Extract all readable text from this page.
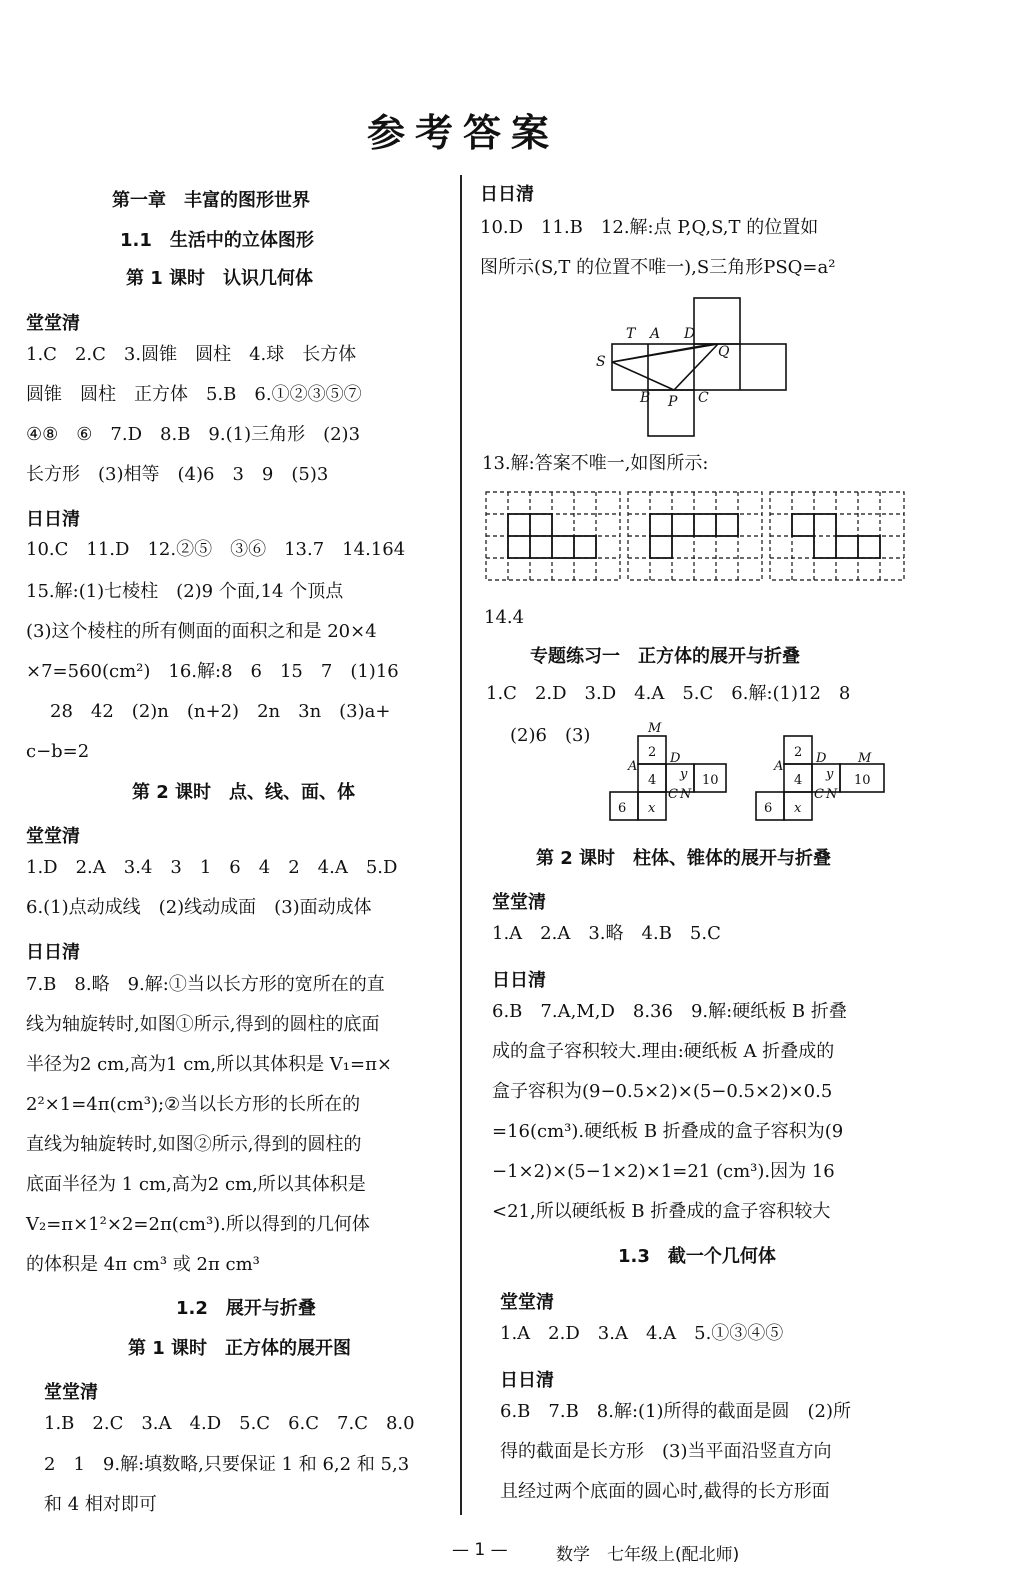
参考答案
第一章　丰富的图形世界
1.1　生活中的立体图形
第 1 课时　认识几何体
堂堂清
1.C　2.C　3.圆锥　圆柱　4.球　长方体
圆锥　圆柱　正方体　5.B　6.①②③⑤⑦
④⑧　⑥　7.D　8.B　9.(1)三角形　(2)3
长方形　(3)相等　(4)6　3　9　(5)3
日日清
10.C　11.D　12.②⑤　③⑥　13.7　14.164
15.解:(1)七棱柱　(2)9 个面,14 个顶点
(3)这个棱柱的所有侧面的面积之和是 20×4
×7=560(cm²)　16.解:8　6　15　7　(1)16
28　42　(2)n　(n+2)　2n　3n　(3)a+
c−b=2
第 2 课时　点、线、面、体
堂堂清
1.D　2.A　3.4　3　1　6　4　2　4.A　5.D
6.(1)点动成线　(2)线动成面　(3)面动成体
日日清
7.B　8.略　9.解:①当以长方形的宽所在的直
线为轴旋转时,如图①所示,得到的圆柱的底面
半径为2 cm,高为1 cm,所以其体积是 V₁=π×
2²×1=4π(cm³);②当以长方形的长所在的
直线为轴旋转时,如图②所示,得到的圆柱的
底面半径为 1 cm,高为2 cm,所以其体积是
V₂=π×1²×2=2π(cm³).所以得到的几何体
的体积是 4π cm³ 或 2π cm³
1.2　展开与折叠
第 1 课时　正方体的展开图
堂堂清
1.B　2.C　3.A　4.D　5.C　6.C　7.C　8.0
2　1　9.解:填数略,只要保证 1 和 6,2 和 5,3
和 4 相对即可
日日清
10.D　11.B　12.解:点 P,Q,S,T 的位置如
图所示(S,T 的位置不唯一),S三角形PSQ=a²
T A D
Q
S
B P C
13.解:答案不唯一,如图所示:
14.4
专题练习一　正方体的展开与折叠
1.C　2.D　3.D　4.A　5.C　6.解:(1)12　8
(2)6　(3)	M
2
A
D
4 y
C N
10
6 x
2
A
D
4 y
C N
M
10
6 x
第 2 课时　柱体、锥体的展开与折叠
堂堂清
1.A　2.A　3.略　4.B　5.C
日日清
6.B　7.A,M,D　8.36　9.解:硬纸板 B 折叠
成的盒子容积较大.理由:硬纸板 A 折叠成的
盒子容积为(9−0.5×2)×(5−0.5×2)×0.5
=16(cm³).硬纸板 B 折叠成的盒子容积为(9
−1×2)×(5−1×2)×1=21 (cm³).因为 16
<21,所以硬纸板 B 折叠成的盒子容积较大
1.3　截一个几何体
堂堂清
1.A　2.D　3.A　4.A　5.①③④⑤
日日清
6.B　7.B　8.解:(1)所得的截面是圆　(2)所
得的截面是长方形　(3)当平面沿竖直方向
且经过两个底面的圆心时,截得的长方形面
— 1 —	数学　七年级上(配北师)
